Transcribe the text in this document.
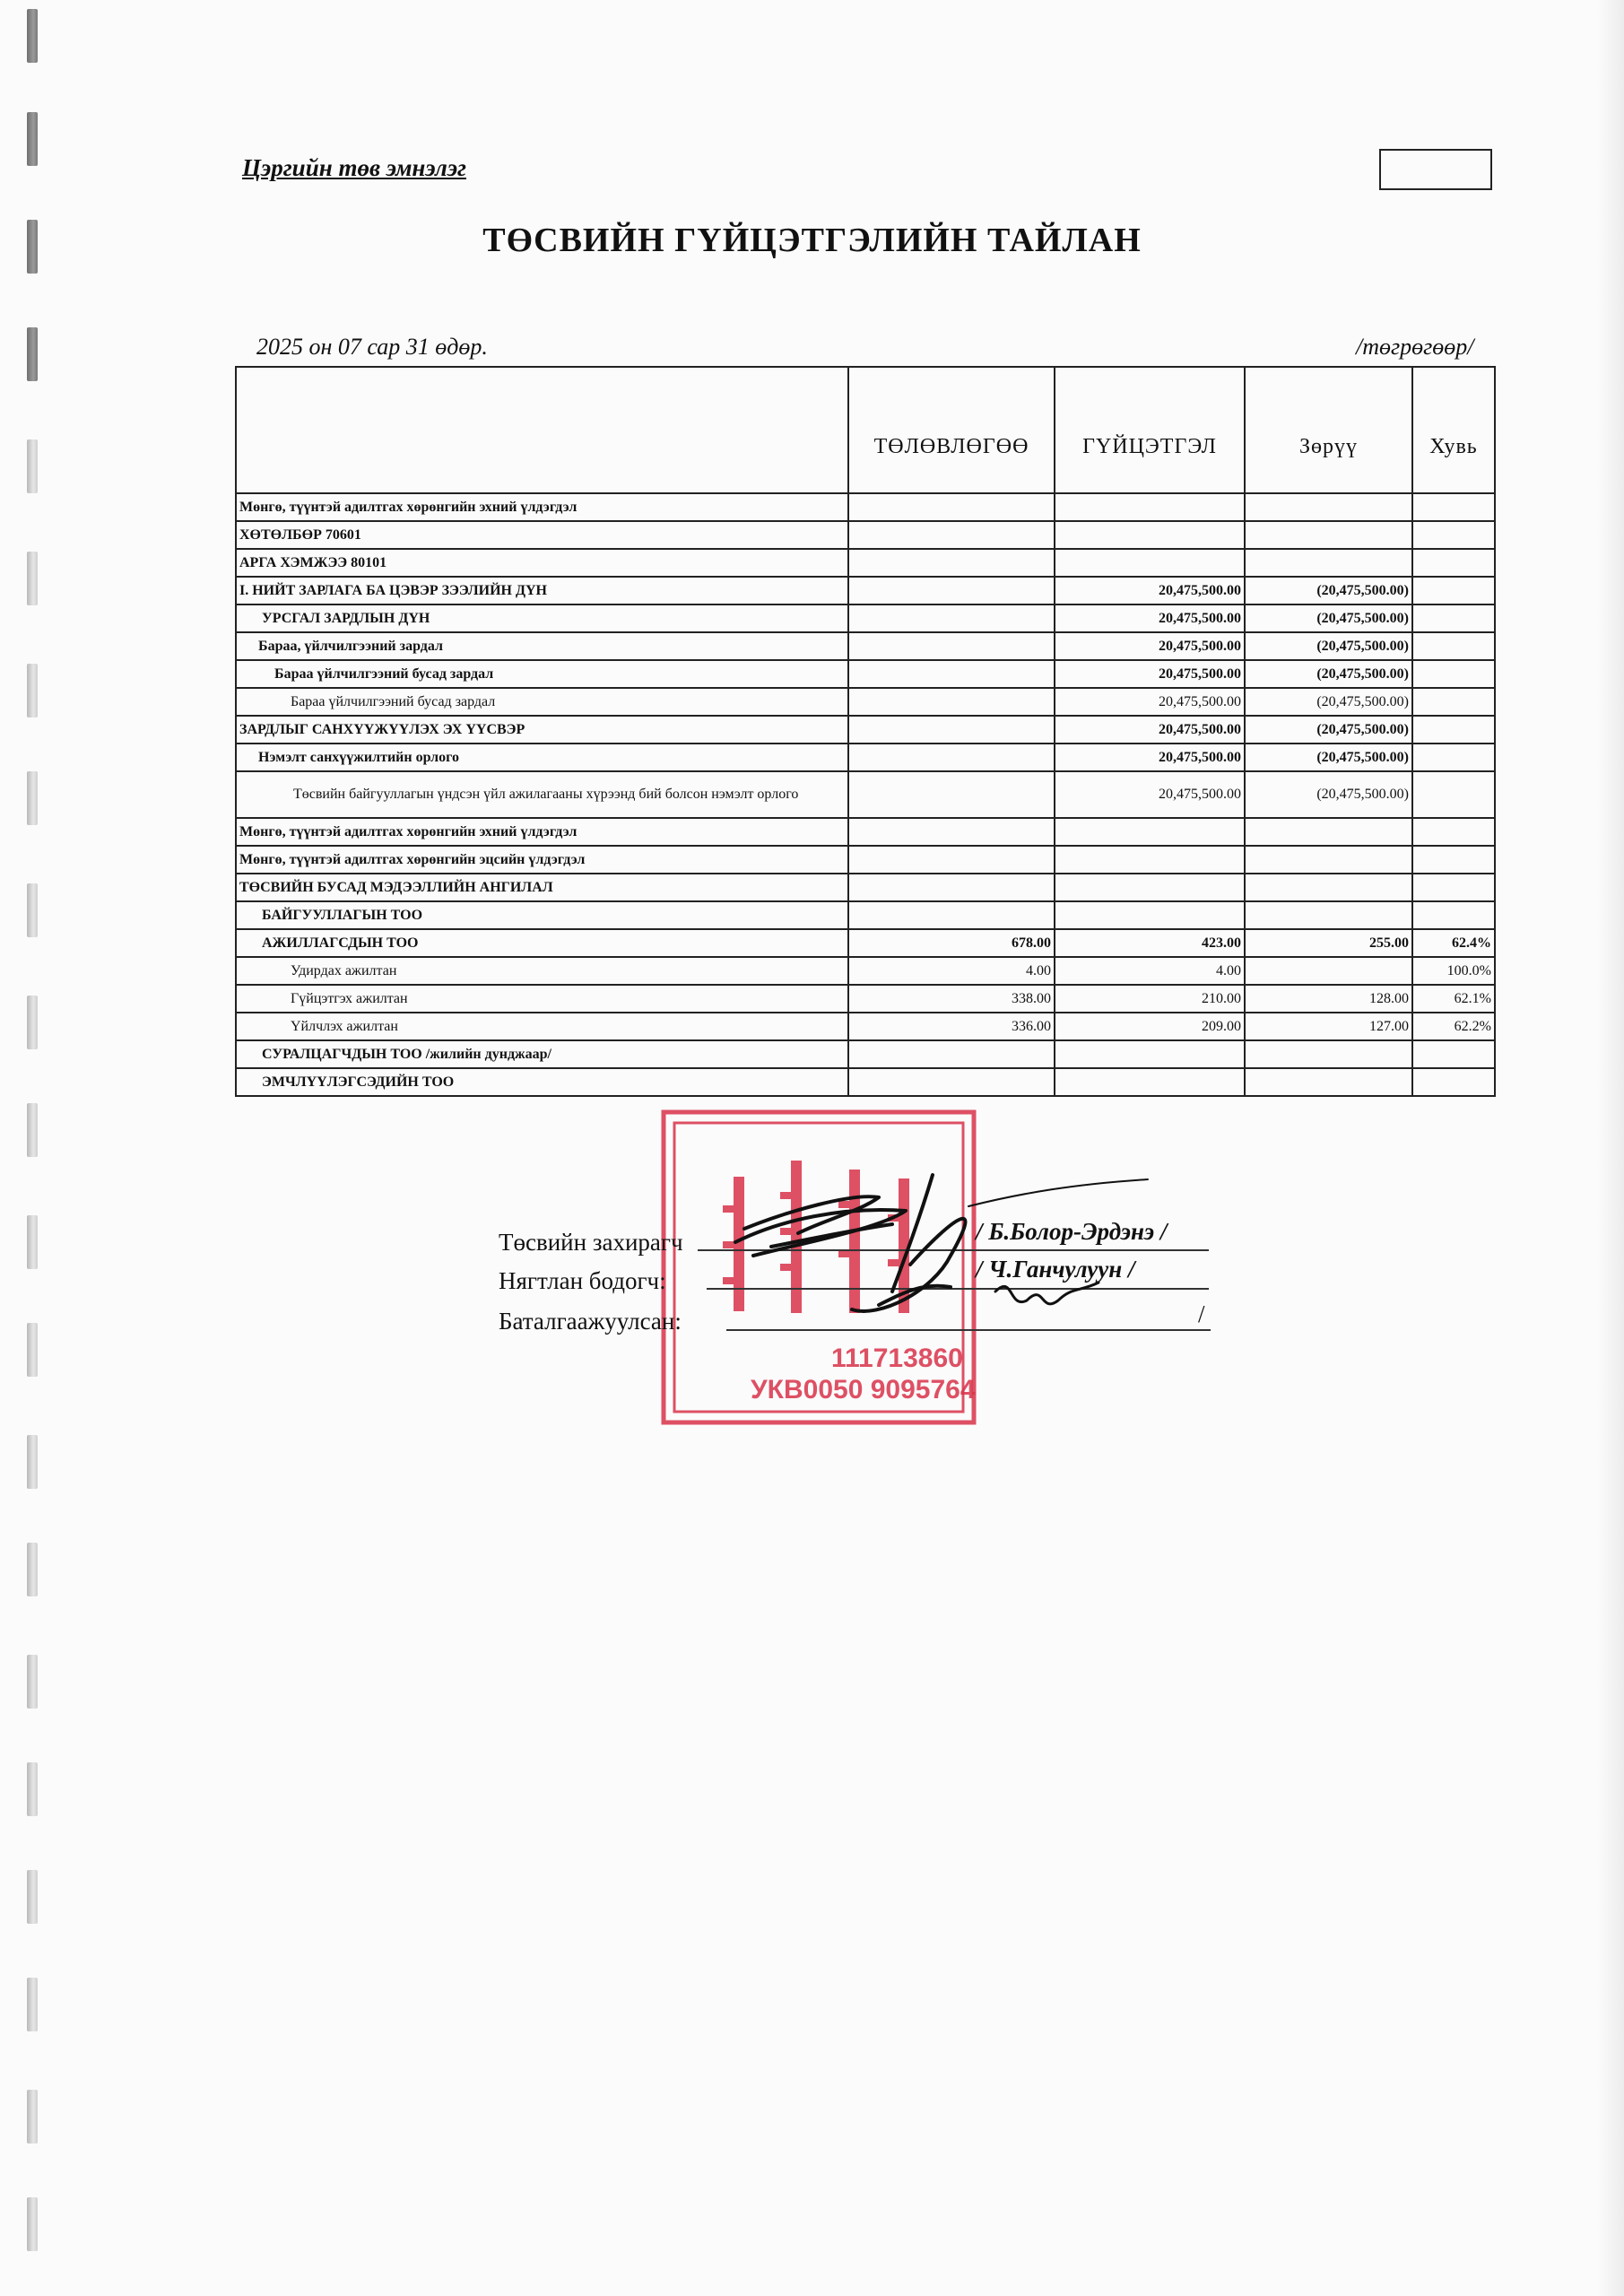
Цэргийн төв эмнэлэг
ТӨСВИЙН ГҮЙЦЭТГЭЛИЙН ТАЙЛАН
2025 он 07 сар 31 өдөр.	/төгрөгөөр/
	ТӨЛӨВЛӨГӨӨ	ГҮЙЦЭТГЭЛ	Зөрүү	Хувь
Мөнгө, түүнтэй адилтгах хөрөнгийн эхний үлдэгдэл				
ХӨТӨЛБӨР 70601				
АРГА ХЭМЖЭЭ 80101				
I. НИЙТ ЗАРЛАГА БА ЦЭВЭР ЗЭЭЛИЙН ДҮН		20,475,500.00	(20,475,500.00)	
УРСГАЛ ЗАРДЛЫН ДҮН		20,475,500.00	(20,475,500.00)	
Бараа, үйлчилгээний зардал		20,475,500.00	(20,475,500.00)	
Бараа үйлчилгээний бусад зардал		20,475,500.00	(20,475,500.00)	
Бараа үйлчилгээний бусад зардал		20,475,500.00	(20,475,500.00)	
ЗАРДЛЫГ САНХҮҮЖҮҮЛЭХ ЭХ ҮҮСВЭР		20,475,500.00	(20,475,500.00)	
Нэмэлт санхүүжилтийн орлого		20,475,500.00	(20,475,500.00)	
Төсвийн байгууллагын үндсэн үйл ажилагааны хүрээнд бий болсон нэмэлт орлого		20,475,500.00	(20,475,500.00)	
Мөнгө, түүнтэй адилтгах хөрөнгийн эхний үлдэгдэл				
Мөнгө, түүнтэй адилтгах хөрөнгийн эцсийн үлдэгдэл				
ТӨСВИЙН БУСАД МЭДЭЭЛЛИЙН АНГИЛАЛ				
БАЙГУУЛЛАГЫН ТОО				
АЖИЛЛАГСДЫН ТОО	678.00	423.00	255.00	62.4%
Удирдах ажилтан	4.00	4.00		100.0%
Гүйцэтгэх ажилтан	338.00	210.00	128.00	62.1%
Үйлчлэх ажилтан	336.00	209.00	127.00	62.2%
СУРАЛЦАГЧДЫН ТОО /жилийн дунджаар/				
ЭМЧЛҮҮЛЭГСЭДИЙН ТОО				
111713860
УКВ0050 9095764
Төсвийн захирагч	/ Б.Болор-Эрдэнэ /
Нягтлан бодогч:	/ Ч.Ганчулуун /
Баталгаажуулсан:	/
